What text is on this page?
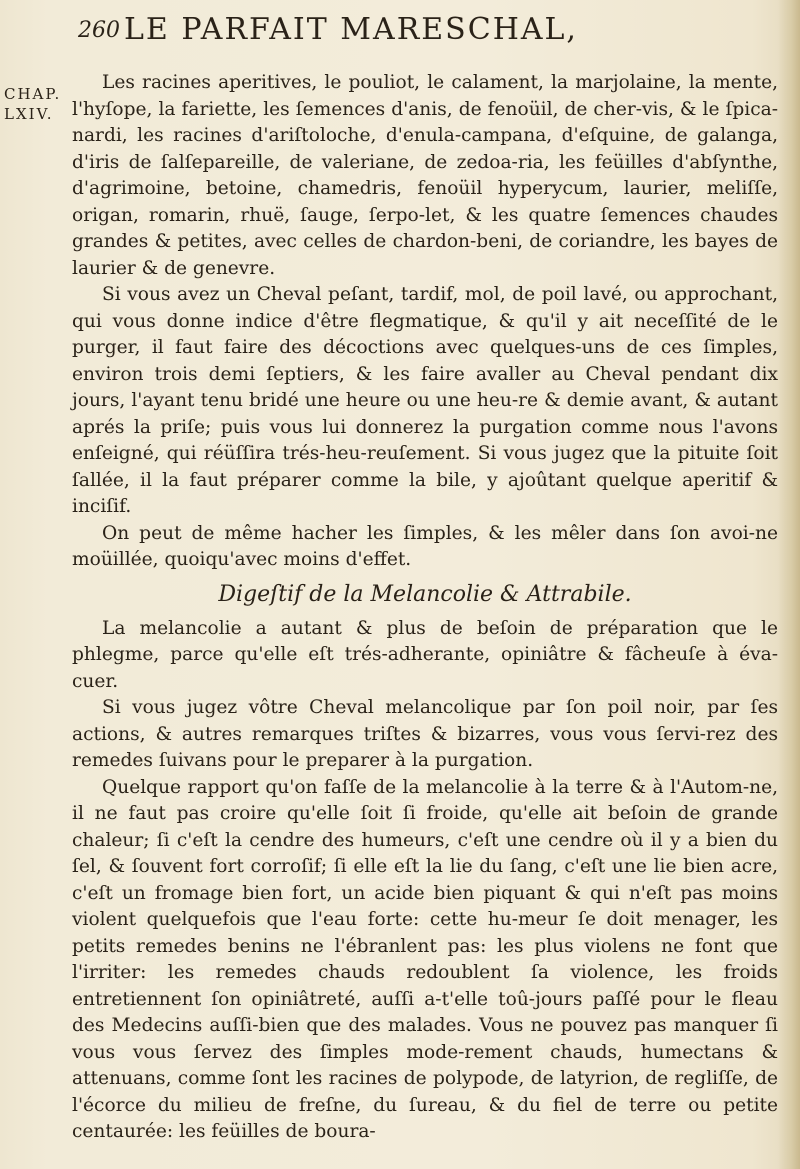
260 LE PARFAIT MARESCHAL,
CHAP.
LXIV.

Les racines aperitives, le pouliot, le calament, la marjolaine, la mente, l'hyſope, la fariette, les ſemences d'anis, de fenoüil, de cher-vis, & le ſpica-nardi, les racines d'ariſtoloche, d'enula-campana, d'eſquine, de galanga, d'iris de ſalſepareille, de valeriane, de zedoa-ria, les feüilles d'abſynthe, d'agrimoine, betoine, chamedris, fenoüil hyperycum, laurier, meliſſe, origan, romarin, rhuë, ſauge, ſerpo-let, & les quatre ſemences chaudes grandes & petites, avec celles de chardon-beni, de coriandre, les bayes de laurier & de genevre.

Si vous avez un Cheval peſant, tardif, mol, de poil lavé, ou approchant, qui vous donne indice d'être flegmatique, & qu'il y ait neceſſité de le purger, il faut faire des décoctions avec quelques-uns de ces ſimples, environ trois demi ſeptiers, & les faire avaller au Cheval pendant dix jours, l'ayant tenu bridé une heure ou une heu-re & demie avant, & autant aprés la priſe; puis vous lui donnerez la purgation comme nous l'avons enſeigné, qui réüſſira trés-heu-reuſement. Si vous jugez que la pituite ſoit ſallée, il la faut préparer comme la bile, y ajoûtant quelque aperitif & inciſif.

On peut de même hacher les ſimples, & les mêler dans ſon avoi-ne moüillée, quoiqu'avec moins d'effet.

Digeſtif de la Melancolie & Attrabile.

La melancolie a autant & plus de beſoin de préparation que le phlegme, parce qu'elle eſt trés-adherante, opiniâtre & fâcheuſe à éva-cuer.

Si vous jugez vôtre Cheval melancolique par ſon poil noir, par ſes actions, & autres remarques triſtes & bizarres, vous vous ſervi-rez des remedes ſuivans pour le preparer à la purgation.

Quelque rapport qu'on faſſe de la melancolie à la terre & à l'Autom-ne, il ne faut pas croire qu'elle ſoit ſi froide, qu'elle ait beſoin de grande chaleur; ſi c'eſt la cendre des humeurs, c'eſt une cendre où il y a bien du ſel, & ſouvent fort corroſif; ſi elle eſt la lie du ſang, c'eſt une lie bien acre, c'eſt un fromage bien fort, un acide bien piquant & qui n'eſt pas moins violent quelquefois que l'eau forte: cette hu-meur ſe doit menager, les petits remedes benins ne l'ébranlent pas: les plus violens ne font que l'irriter: les remedes chauds redoublent ſa violence, les froids entretiennent ſon opiniâtreté, auſſi a-t'elle toû-jours paſſé pour le fleau des Medecins auſſi-bien que des malades. Vous ne pouvez pas manquer ſi vous vous ſervez des ſimples mode-rement chauds, humectans & attenuans, comme ſont les racines de polypode, de latyrion, de regliſſe, de l'écorce du milieu de freſne, du ſureau, & du fiel de terre ou petite centaurée: les feüilles de boura-
